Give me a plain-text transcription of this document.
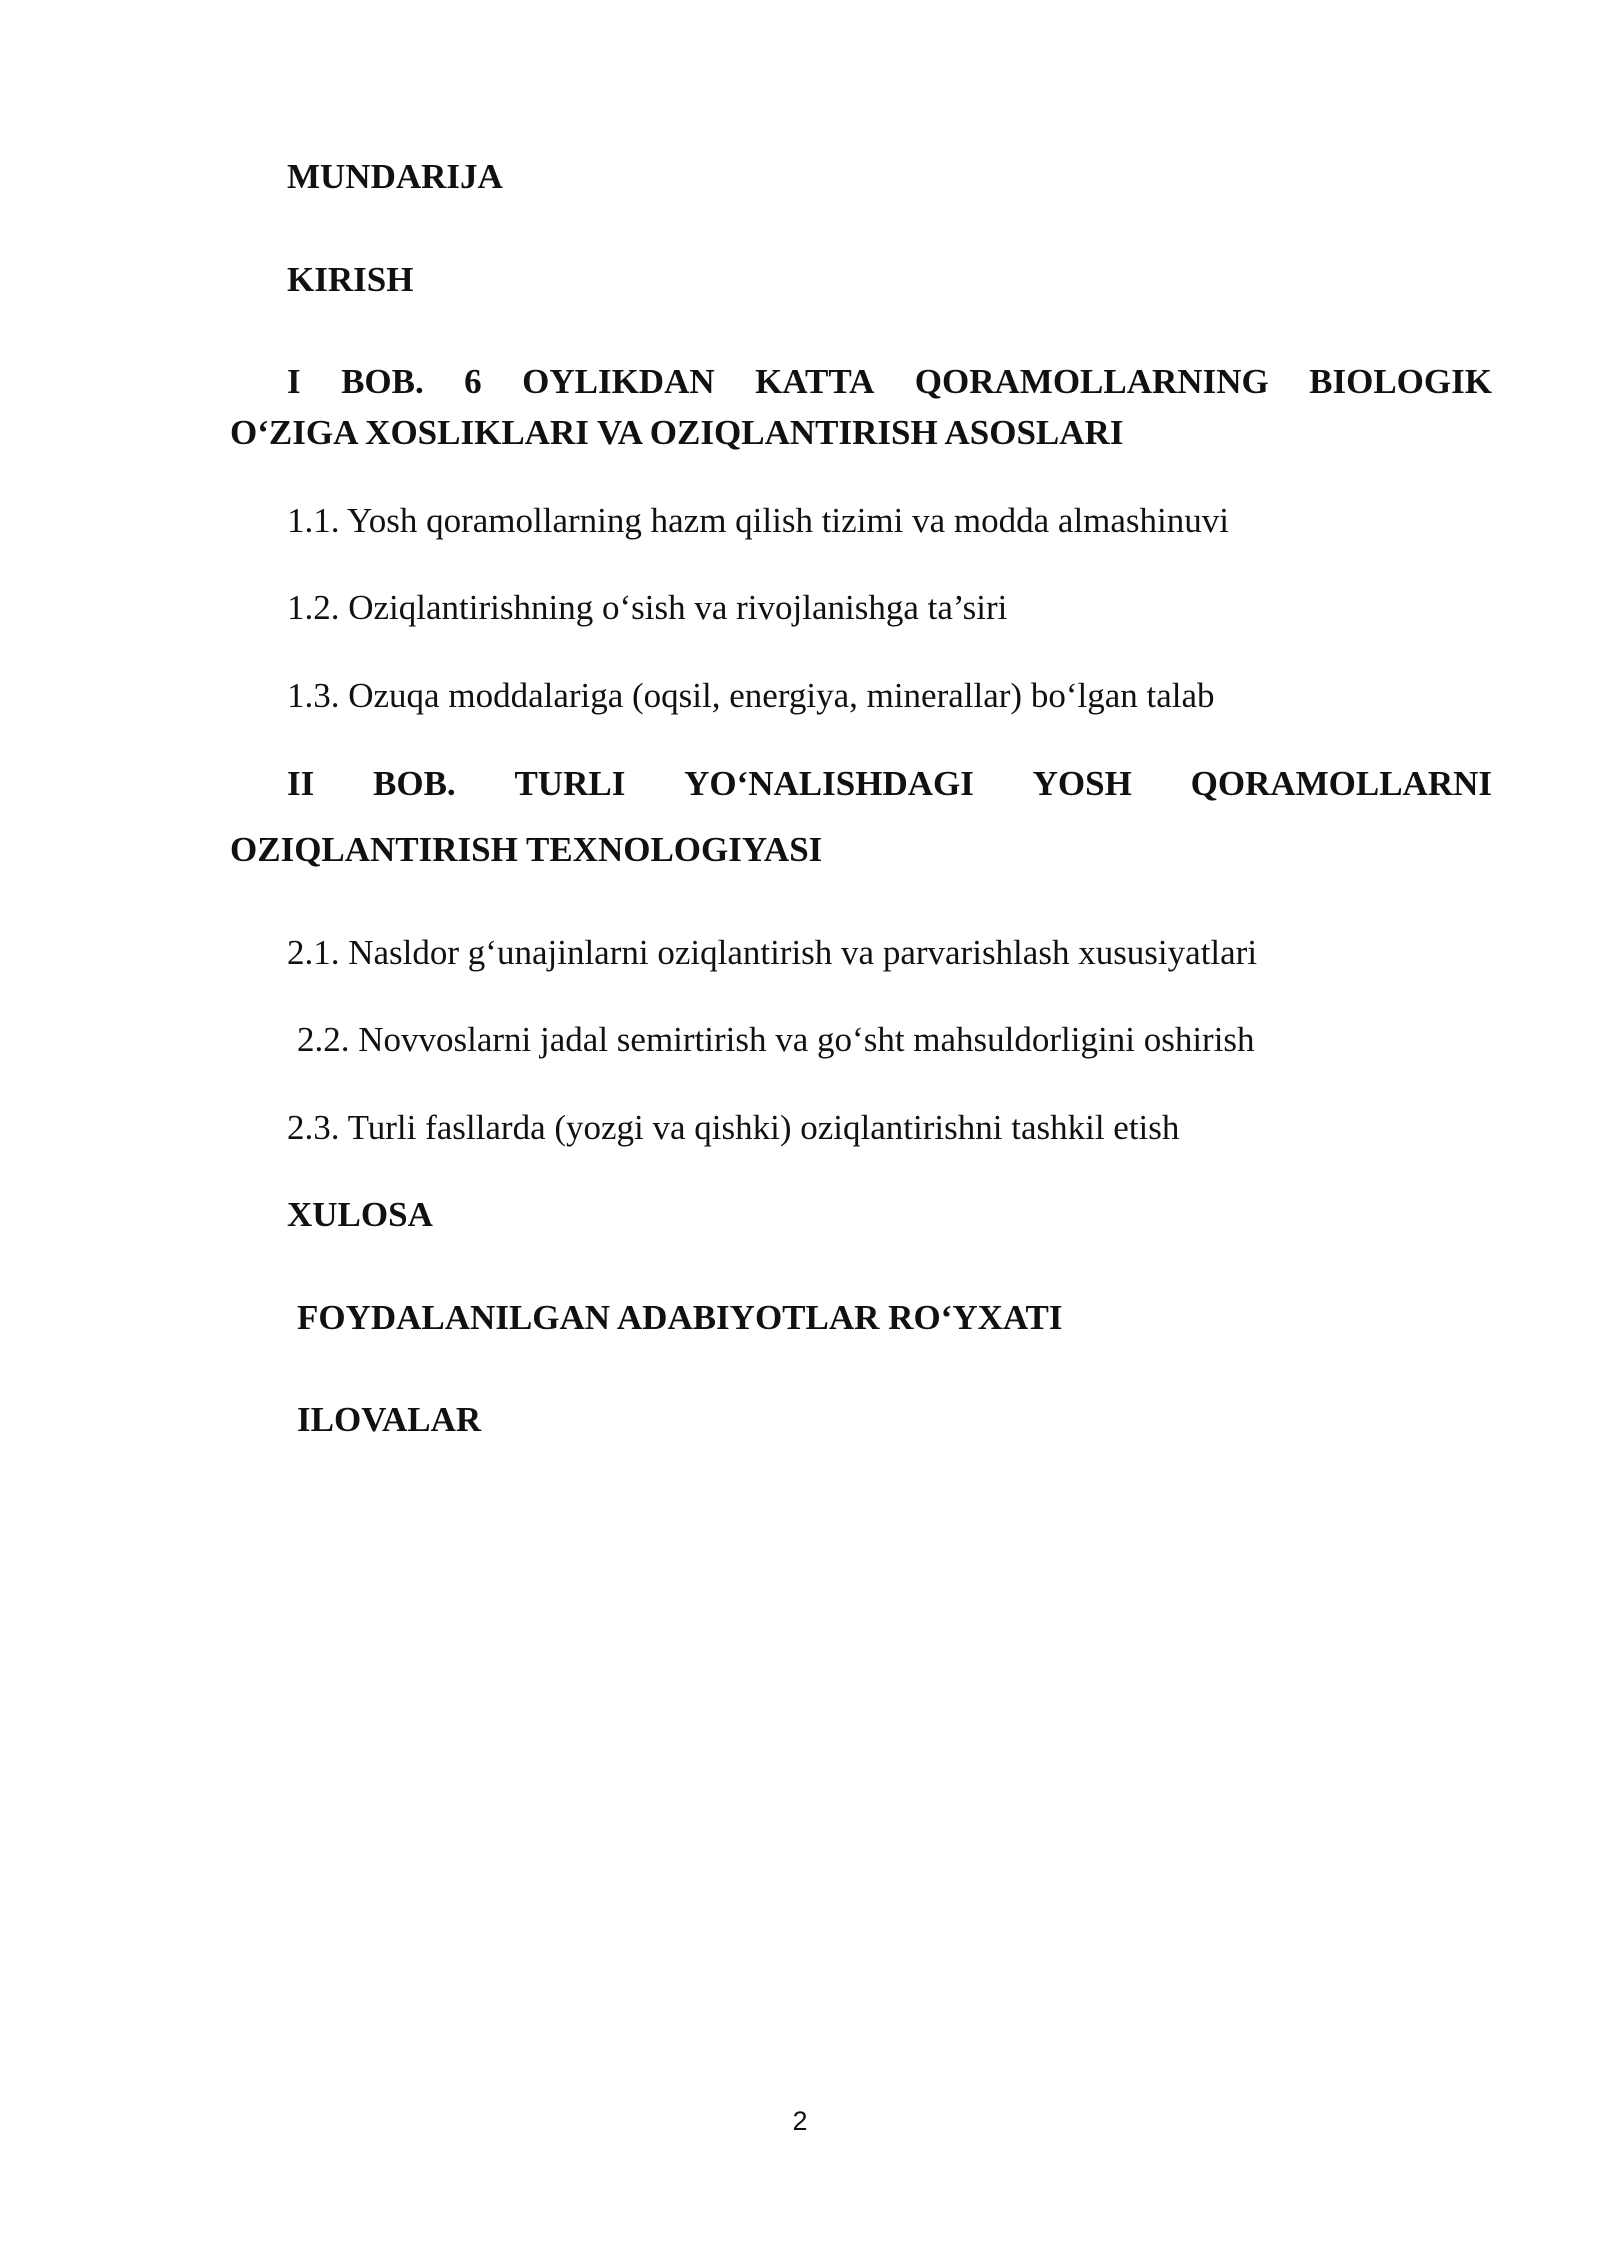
MUNDARIJA
KIRISH
I BOB. 6 OYLIKDAN KATTA QORAMOLLARNING BIOLOGIK
O‘ZIGA XOSLIKLARI VA OZIQLANTIRISH ASOSLARI
1.1. Yosh qoramollarning hazm qilish tizimi va modda almashinuvi
1.2. Oziqlantirishning o‘sish va rivojlanishga ta’siri
1.3. Ozuqa moddalariga (oqsil, energiya, minerallar) bo‘lgan talab
II BOB. TURLI YO‘NALISHDAGI YOSH QORAMOLLARNI
OZIQLANTIRISH TEXNOLOGIYASI
2.1. Nasldor g‘unajinlarni oziqlantirish va parvarishlash xususiyatlari
2.2. Novvoslarni jadal semirtirish va go‘sht mahsuldorligini oshirish
2.3. Turli fasllarda (yozgi va qishki) oziqlantirishni tashkil etish
XULOSA
FOYDALANILGAN ADABIYOTLAR RO‘YXATI
ILOVALAR
2
